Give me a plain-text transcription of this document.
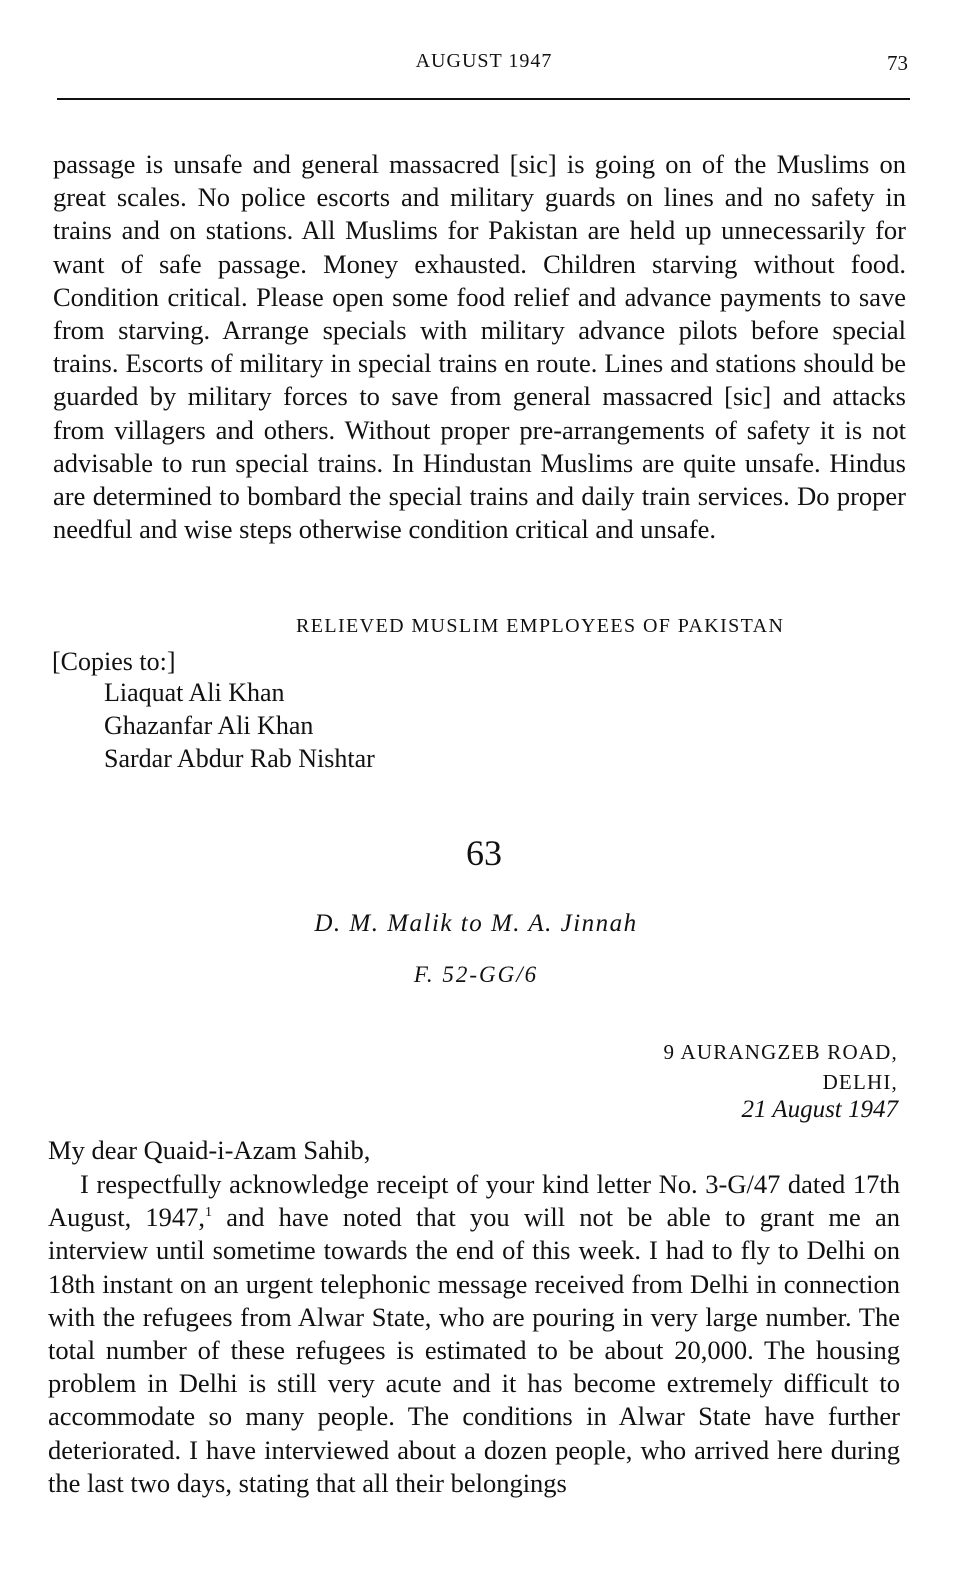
AUGUST 1947	73

passage is unsafe and general massacred [sic] is going on of the Muslims on great scales. No police escorts and military guards on lines and no safety in trains and on stations. All Muslims for Pakistan are held up unnecessarily for want of safe passage. Money exhausted. Children starving without food. Condition critical. Please open some food relief and advance payments to save from starving. Arrange specials with military advance pilots before special trains. Escorts of military in special trains en route. Lines and stations should be guarded by military forces to save from general massacred [sic] and attacks from villagers and others. Without proper pre-arrangements of safety it is not advisable to run special trains. In Hindustan Muslims are quite unsafe. Hindus are determined to bombard the special trains and daily train services. Do proper needful and wise steps otherwise condition critical and unsafe.

RELIEVED MUSLIM EMPLOYEES OF PAKISTAN
[Copies to:]
Liaquat Ali Khan
Ghazanfar Ali Khan
Sardar Abdur Rab Nishtar
63
D. M. Malik to M. A. Jinnah
F. 52-GG/6
9 AURANGZEB ROAD,
DELHI,
21 August 1947
My dear Quaid-i-Azam Sahib,

I respectfully acknowledge receipt of your kind letter No. 3-G/47 dated 17th August, 1947,$^1$ and have noted that you will not be able to grant me an interview until sometime towards the end of this week. I had to fly to Delhi on 18th instant on an urgent telephonic message received from Delhi in connection with the refugees from Alwar State, who are pouring in very large number. The total number of these refugees is estimated to be about 20,000. The housing problem in Delhi is still very acute and it has become extremely difficult to accommodate so many people. The conditions in Alwar State have further deteriorated. I have interviewed about a dozen people, who arrived here during the last two days, stating that all their belongings
